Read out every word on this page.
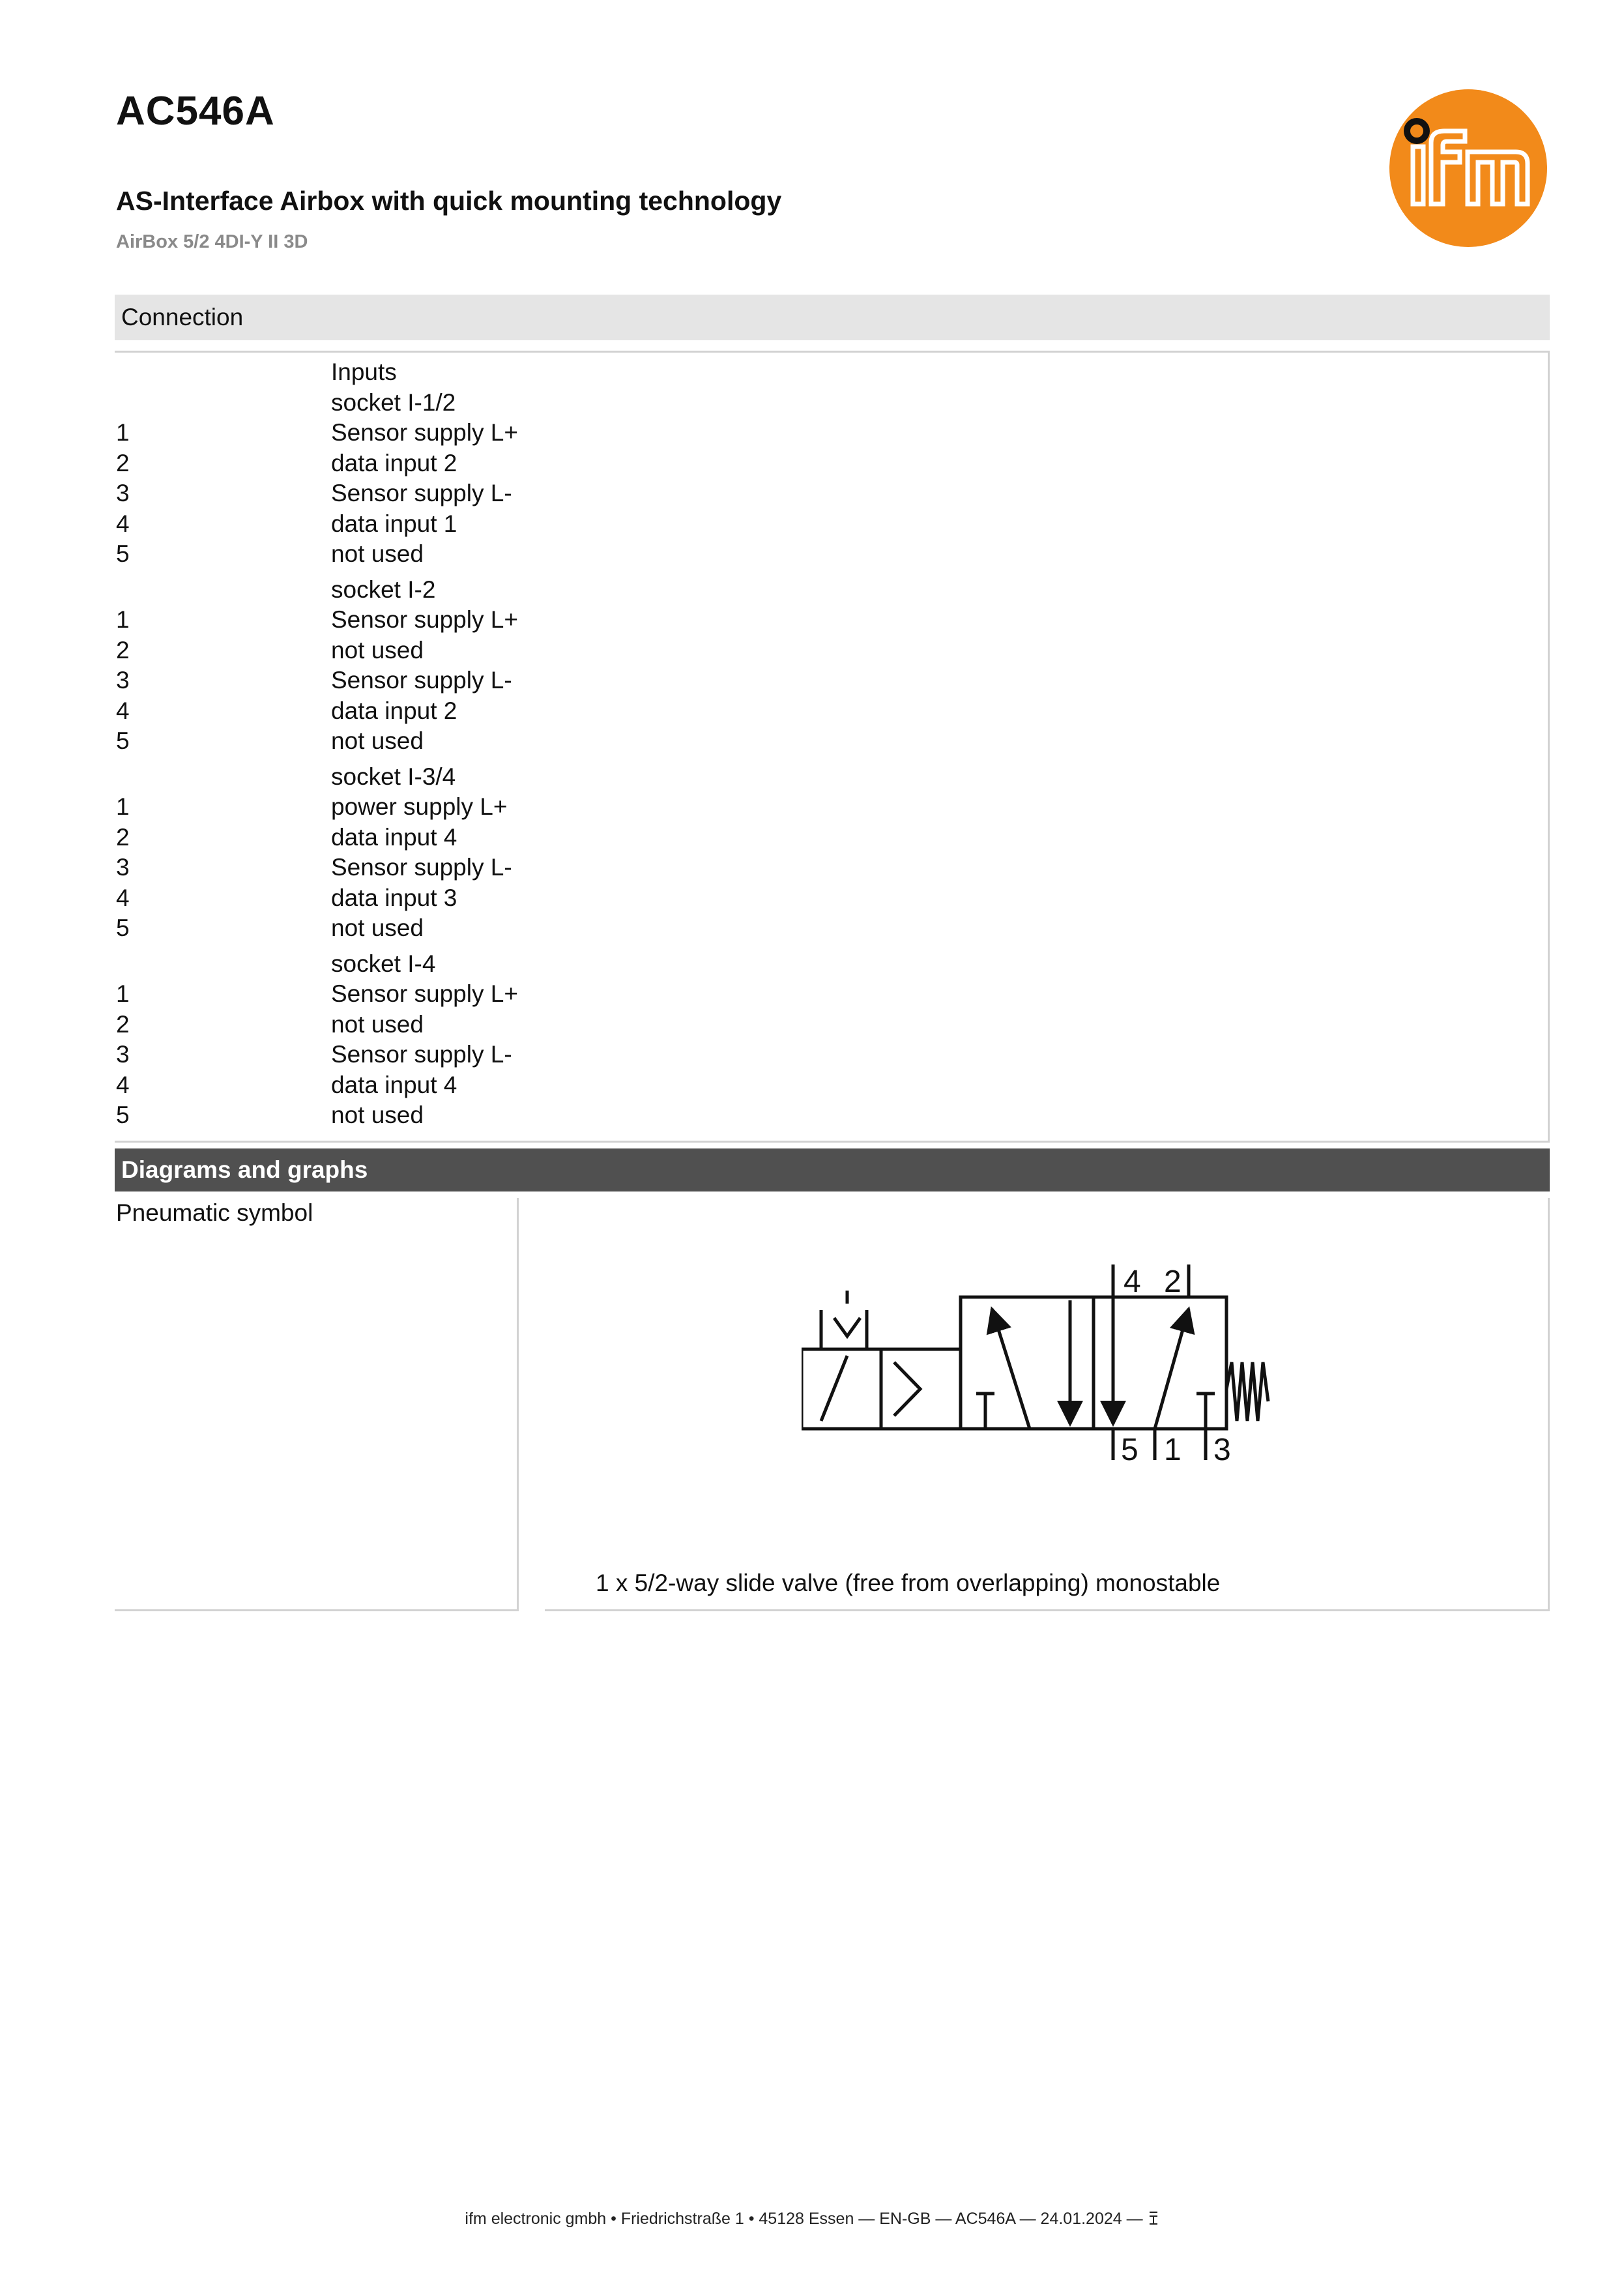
AC546A
AS-Interface Airbox with quick mounting technology
AirBox 5/2 4DI-Y II 3D
Connection
Inputs
socket I-1/2
1	Sensor supply L+
2	data input 2
3	Sensor supply L-
4	data input 1
5	not used
socket I-2
1	Sensor supply L+
2	not used
3	Sensor supply L-
4	data input 2
5	not used
socket I-3/4
1	power supply L+
2	data input 4
3	Sensor supply L-
4	data input 3
5	not used
socket I-4
1	Sensor supply L+
2	not used
3	Sensor supply L-
4	data input 4
5	not used
Diagrams and graphs
Pneumatic symbol
4 2
5 1 3
1 x 5/2-way slide valve (free from overlapping) monostable
ifm electronic gmbh • Friedrichstraße 1 • 45128 Essen — EN-GB — AC546A — 24.01.2024 —
